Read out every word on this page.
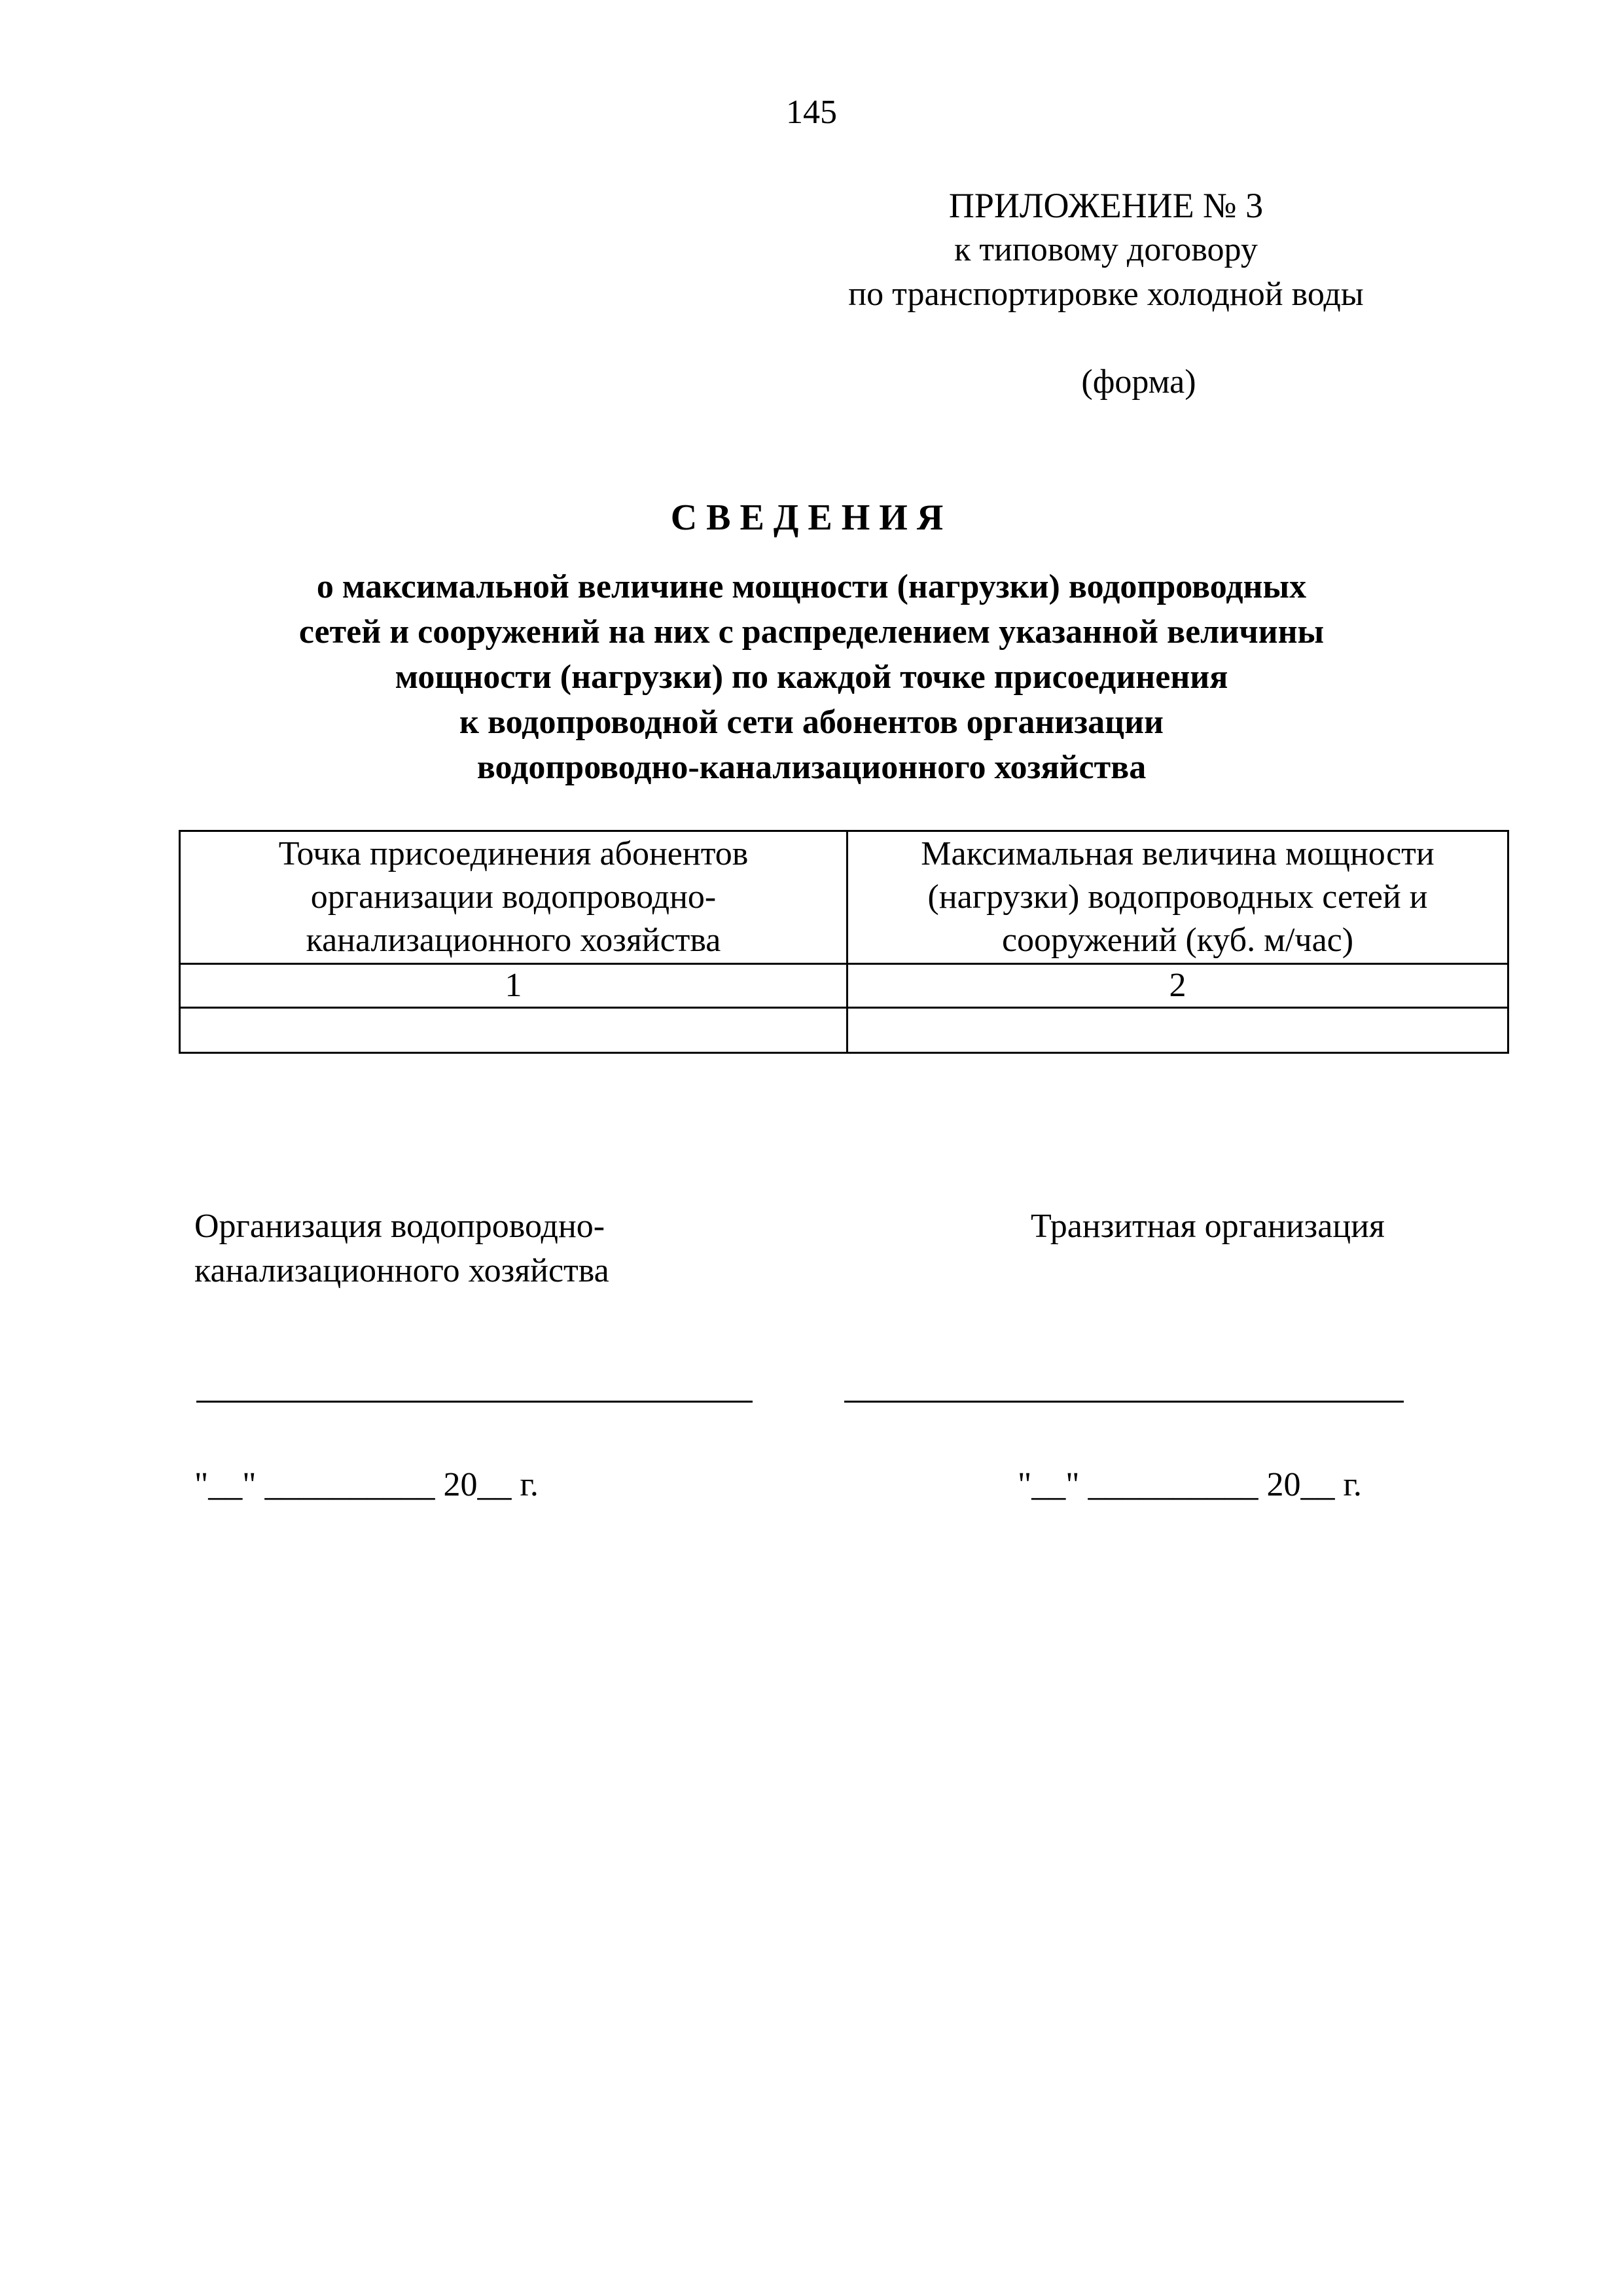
145
ПРИЛОЖЕНИЕ № 3
к типовому договору
по транспортировке холодной воды
(форма)
СВЕДЕНИЯ
о максимальной величине мощности (нагрузки) водопроводных
сетей и сооружений на них с распределением указанной величины
мощности (нагрузки) по каждой точке присоединения
к водопроводной сети абонентов организации
водопроводно-канализационного хозяйства
Точка присоединения абонентов организации водопроводно-канализационного хозяйства	Максимальная величина мощности (нагрузки) водопроводных сетей и сооружений (куб. м/час)
1	2

Организация водопроводно-
канализационного хозяйства
Транзитная организация
"__" __________ 20__ г.	"__" __________ 20__ г.
